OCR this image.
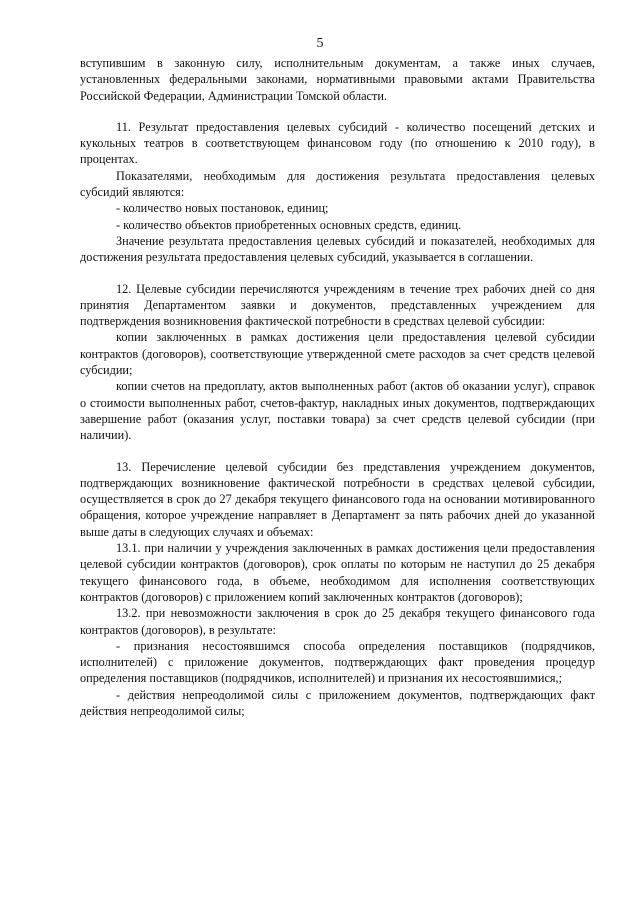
5

вступившим в законную силу, исполнительным документам, а также иных случаев, установленных федеральными законами, нормативными правовыми актами Правительства Российской Федерации, Администрации Томской области.

11. Результат предоставления целевых субсидий - количество посещений детских и кукольных театров в соответствующем финансовом году (по отношению к 2010 году), в процентах.

Показателями, необходимым для достижения результата предоставления целевых субсидий являются:

- количество новых постановок, единиц;

- количество объектов приобретенных основных средств, единиц.

Значение результата предоставления целевых субсидий и показателей, необходимых для достижения результата предоставления целевых субсидий, указывается в соглашении.

12. Целевые субсидии перечисляются учреждениям в течение трех рабочих дней со дня принятия Департаментом заявки и документов, представленных учреждением для подтверждения возникновения фактической потребности в средствах целевой субсидии:

копии заключенных в рамках достижения цели предоставления целевой субсидии контрактов (договоров), соответствующие утвержденной смете расходов за счет средств целевой субсидии;

копии счетов на предоплату, актов выполненных работ (актов об оказании услуг), справок о стоимости выполненных работ, счетов-фактур, накладных иных документов, подтверждающих завершение работ (оказания услуг, поставки товара) за счет средств целевой субсидии (при наличии).

13. Перечисление целевой субсидии без представления учреждением документов, подтверждающих возникновение фактической потребности в средствах целевой субсидии, осуществляется в срок до 27 декабря текущего финансового года на основании мотивированного обращения, которое учреждение направляет в Департамент за пять рабочих дней до указанной выше даты в следующих случаях и объемах:

13.1. при наличии у учреждения заключенных в рамках достижения цели предоставления целевой субсидии контрактов (договоров), срок оплаты по которым не наступил до 25 декабря текущего финансового года, в объеме, необходимом для исполнения соответствующих контрактов (договоров) с приложением копий заключенных контрактов (договоров);

13.2. при невозможности заключения в срок до 25 декабря текущего финансового года контрактов (договоров), в результате:

- признания несостоявшимся способа определения поставщиков (подрядчиков, исполнителей) с приложение документов, подтверждающих факт проведения процедур определения поставщиков (подрядчиков, исполнителей) и признания их несостоявшимися,;

- действия непреодолимой силы с приложением документов, подтверждающих факт действия непреодолимой силы;
